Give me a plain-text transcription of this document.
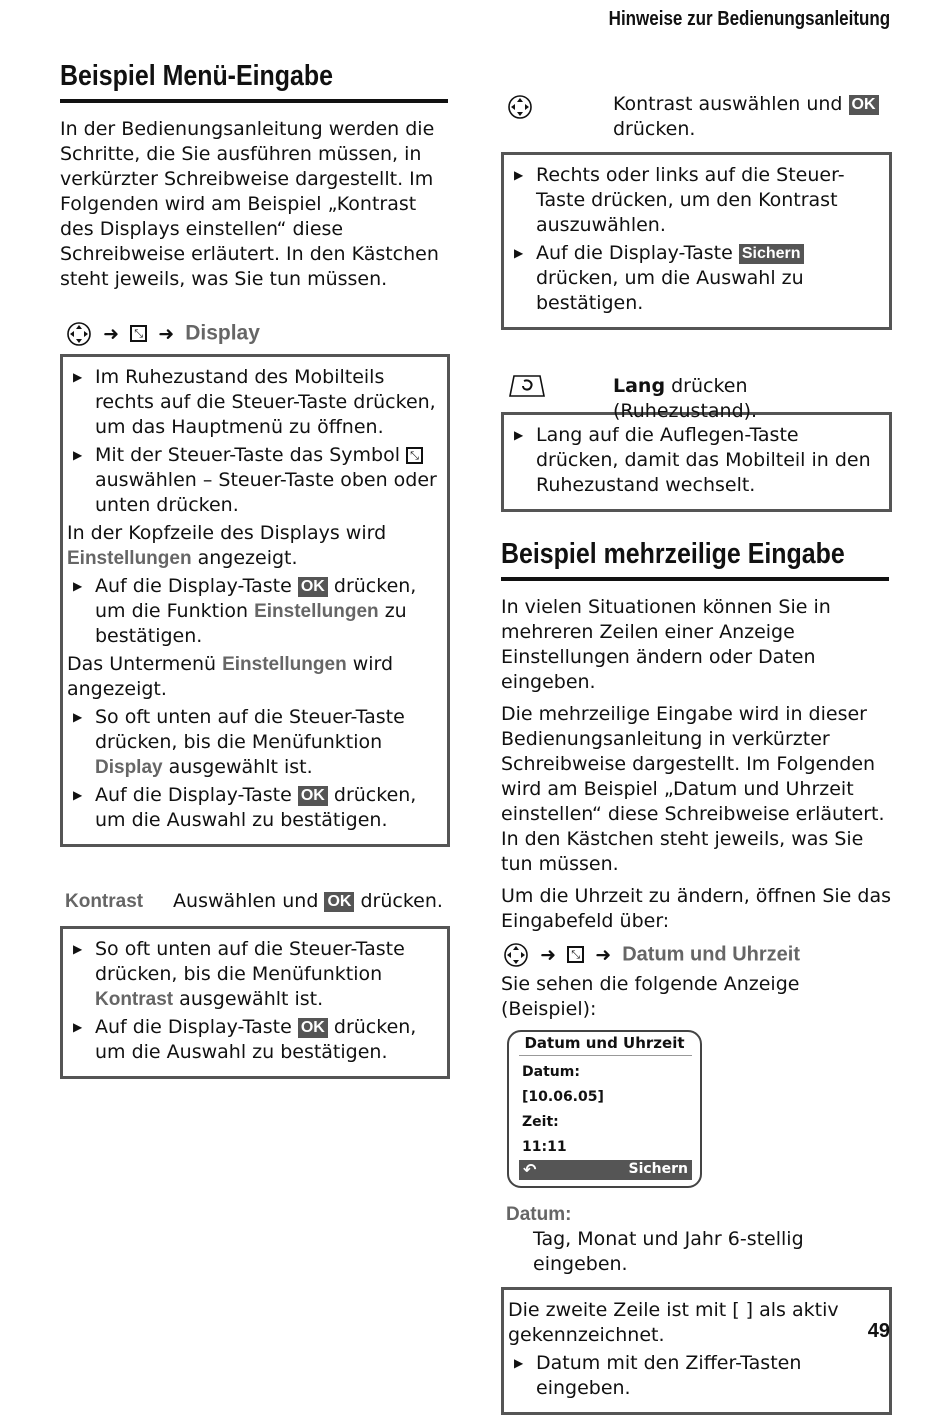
Hinweise zur Bedienungsanleitung
Beispiel Menü-Eingabe

In der Bedienungsanleitung werden die Schritte, die Sie ausführen müssen, in verkürzter Schreibweise dargestellt. Im Folgenden wird am Beispiel „Kontrast des Displays einstellen“ diese Schreibweise erläutert. In den Kästchen steht jeweils, was Sie tun müssen.

➜ ⤡ ➜ Display
▶ Im Ruhezustand des Mobilteils rechts auf die Steuer-Taste drücken, um das Hauptmenü zu öffnen.
▶ Mit der Steuer-Taste das Symbol ⤡ auswählen – Steuer-Taste oben oder unten drücken.

In der Kopfzeile des Displays wird Einstellungen angezeigt.

▶ Auf die Display-Taste OK drücken, um die Funktion Einstellungen zu bestätigen.

Das Untermenü Einstellungen wird angezeigt.

▶ So oft unten auf die Steuer-Taste drücken, bis die Menüfunktion Display ausgewählt ist.
▶ Auf die Display-Taste OK drücken, um die Auswahl zu bestätigen.
Kontrast Auswählen und OK drücken.
▶ So oft unten auf die Steuer-Taste drücken, bis die Menüfunktion Kontrast ausgewählt ist.
▶ Auf die Display-Taste OK drücken, um die Auswahl zu bestätigen.
Kontrast auswählen und OK drücken.
▶ Rechts oder links auf die Steuer-Taste drücken, um den Kontrast auszuwählen.
▶ Auf die Display-Taste Sichern drücken, um die Auswahl zu bestätigen.
Lang drücken (Ruhezustand).
▶ Lang auf die Auflegen-Taste drücken, damit das Mobilteil in den Ruhezustand wechselt.
Beispiel mehrzeilige Eingabe

In vielen Situationen können Sie in mehreren Zeilen einer Anzeige Einstellungen ändern oder Daten eingeben.

Die mehrzeilige Eingabe wird in dieser Bedienungsanleitung in verkürzter Schreibweise dargestellt. Im Folgenden wird am Beispiel „Datum und Uhrzeit einstellen“ diese Schreibweise erläutert. In den Kästchen steht jeweils, was Sie tun müssen.

Um die Uhrzeit zu ändern, öffnen Sie das Eingabefeld über:

➜ ⤡ ➜ Datum und Uhrzeit

Sie sehen die folgende Anzeige (Beispiel):

Datum und Uhrzeit
Datum:
[10.06.05]
Zeit:
11:11
↶	Sichern
Datum:

Tag, Monat und Jahr 6-stellig eingeben.

Die zweite Zeile ist mit [ ] als aktiv gekennzeichnet.

▶ Datum mit den Ziffer-Tasten eingeben.
49
